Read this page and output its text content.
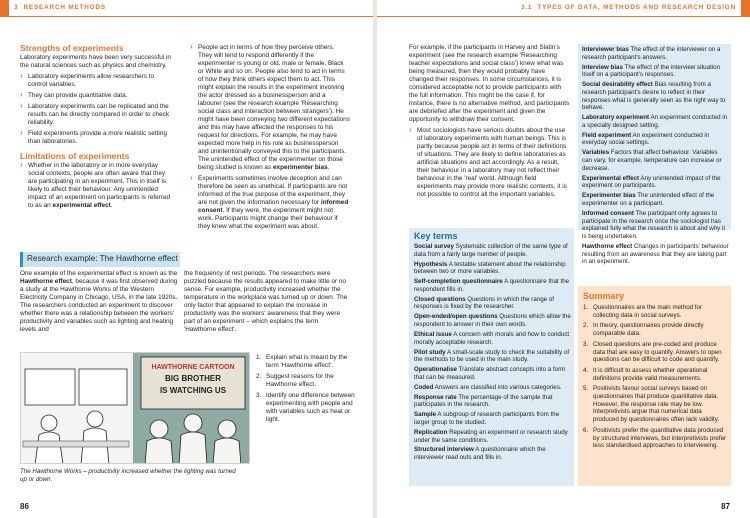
3 RESEARCH METHODS
Strengths of experiments

Laboratory experiments have been very successful in the natural sciences such as physics and chemistry.

› Laboratory experiments allow researchers to control variables.
› They can provide quantitative data.
› Laboratory experiments can be replicated and the results can be directly compared in order to check reliability.
› Field experiments provide a more realistic setting than laboratories.
Limitations of experiments
› Whether in the laboratory or in more everyday social contexts, people are often aware that they are participating in an experiment. This in itself is likely to affect their behaviour. Any unintended impact of an experiment on participants is referred to as an experimental effect.
› People act in terms of how they perceive others. They will tend to respond differently if the experimenter is young or old, male or female, Black or White and so on. People also tend to act in terms of how they think others expect them to act. This might explain the results in the experiment involving the actor dressed as a businessperson and a labourer (see the research example 'Researching social class and interaction between strangers'). He might have been conveying two different expectations and this may have affected the responses to his request for directions. For example, he may have expected more help in his role as businessperson and unintentionally conveyed this to the participants. The unintended effect of the experimenter on those being studied is known as experimenter bias.
› Experiments sometimes involve deception and can therefore be seen as unethical. If participants are not informed of the true purpose of the experiment, they are not given the information necessary for informed consent. If they were, the experiment might not work. Participants might change their behaviour if they knew what the experiment was about.
Research example: The Hawthorne effect

One example of the experimental effect is known as the Hawthorne effect, because it was first observed during a study at the Hawthorne Works of the Western Electricity Company in Chicago, USA, in the late 1920s. The researchers conducted an experiment to discover whether there was a relationship between the workers' productivity and variables such as lighting and heating levels and

the frequency of rest periods. The researchers were puzzled because the results appeared to make little or no sense. For example, productivity increased whether the temperature in the workplace was turned up or down. The only factor that appeared to explain the increase in productivity was the workers' awareness that they were part of an experiment – which explains the term 'Hawthorne effect'.

HAWTHORNE CARTOON
BIG BROTHER
IS WATCHING US
1. Explain what is meant by the term 'Hawthorne effect'.
2. Suggest reasons for the Hawthorne effect.
3. Identify one difference between experimenting with people and with variables such as heat or light.
The Hawthorne Works – productivity increased whether the lighting was turned up or down.
86
3.1 TYPES OF DATA, METHODS AND RESEARCH DESIGN

For example, if the participants in Harvey and Slatin's experiment (see the research example 'Researching teacher expectations and social class') knew what was being measured, then they would probably have changed their responses. In some circumstances, it is considered acceptable not to provide participants with the full information. This might be the case if, for instance, there is no alternative method, and participants are debriefed after the experiment and given the opportunity to withdraw their consent.

› Most sociologists have serious doubts about the use of laboratory experiments with human beings. This is partly because people act in terms of their definitions of situations. They are likely to define laboratories as artificial situations and act accordingly. As a result, their behaviour in a laboratory may not reflect their behaviour in the 'real' world. Although field experiments may provide more realistic contexts, it is not possible to control all the important variables.
87
Key terms

Social survey Systematic collection of the same type of data from a fairly large number of people.

Hypothesis A testable statement about the relationship between two or more variables.

Self-completion questionnaire A questionnaire that the respondent fills in.

Closed questions Questions in which the range of responses is fixed by the researcher.

Open-ended/open questions Questions which allow the respondent to answer in their own words.

Ethical issue A concern with morals and how to conduct morally acceptable research.

Pilot study A small-scale study to check the suitability of the methods to be used in the main study.

Operationalise Translate abstract concepts into a form that can be measured.

Coded Answers are classified into various categories.

Response rate The percentage of the sample that participates in the research.

Sample A subgroup of research participants from the larger group to be studied.

Replication Repeating an experiment or research study under the same conditions.

Structured interview A questionnaire which the interviewer read outs and fills in.

Interviewer bias The effect of the interviewer on a research participant's answers.

Interview bias The effect of the interview situation itself on a participant's responses.

Social desirability effect Bias resulting from a research participant's desire to reflect in their responses what is generally seen as the right way to behave.

Laboratory experiment An experiment conducted in a specially designed setting.

Field experiment An experiment conducted in everyday social settings.

Variables Factors that affect behaviour. Variables can vary, for example, temperature can increase or decrease.

Experimental effect Any unintended impact of the experiment on participants.

Experimenter bias The unintended effect of the experimenter on a participant.

Informed consent The participant only agrees to participate in the research once the sociologist has explained fully what the research is about and why it is being undertaken.

Hawthorne effect Changes in participants' behaviour resulting from an awareness that they are taking part in an experiment.

Summary
1. Questionnaires are the main method for collecting data in social surveys.
2. In theory, questionnaires provide directly comparable data.
3. Closed questions are pre-coded and produce data that are easy to quantify. Answers to open questions can be difficult to code and quantify.
4. It is difficult to assess whether operational definitions provide valid measurements.
5. Positivists favour social surveys based on questionnaires that produce quantitative data. However, the response rate may be low. Interpretivists argue that numerical data produced by questionnaires often lack validity.
6. Positivists prefer the quantitative data produced by structured interviews, but interpretivists prefer less standardised approaches to interviewing.
